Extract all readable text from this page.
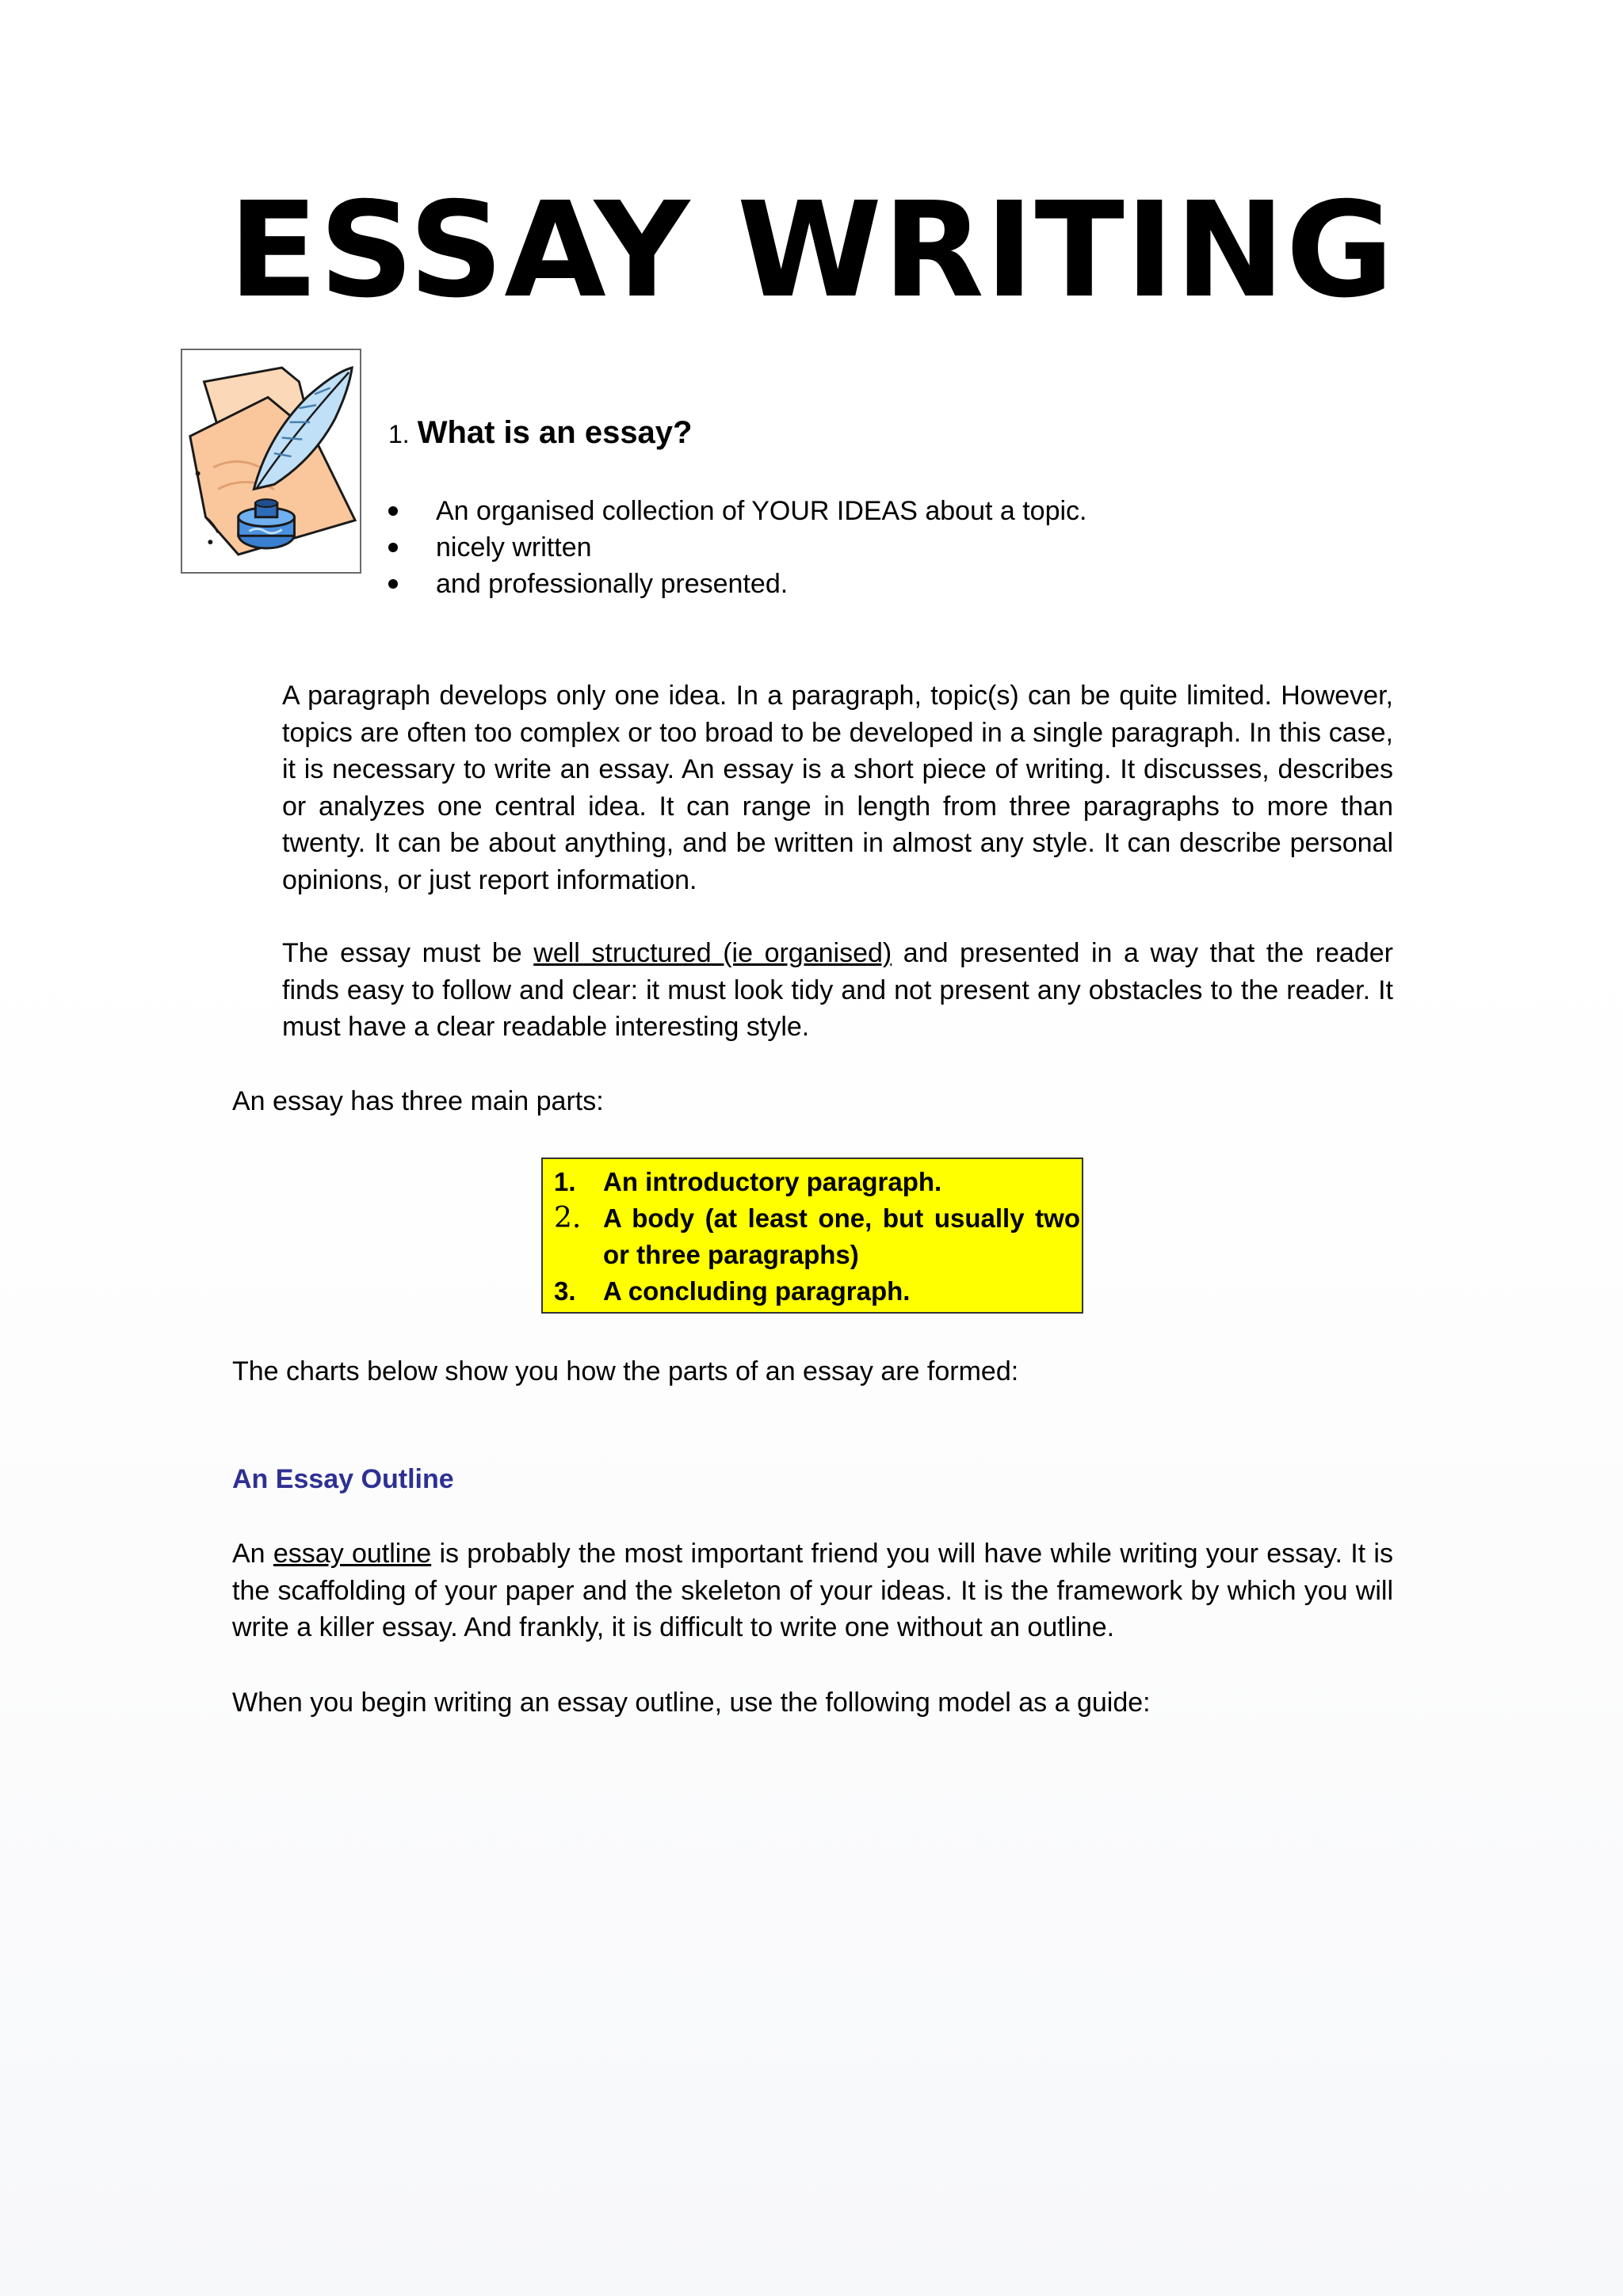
ESSAY WRITING
1. What is an essay?
An organised collection of YOUR IDEAS about a topic.
nicely written
and professionally presented.

A paragraph develops only one idea. In a paragraph, topic(s) can be quite limited. However, topics are often too complex or too broad to be developed in a single paragraph. In this case, it is necessary to write an essay. An essay is a short piece of writing. It discusses, describes or analyzes one central idea. It can range in length from three paragraphs to more than twenty. It can be about anything, and be written in almost any style. It can describe personal opinions, or just report information.

The essay must be well structured (ie organised) and presented in a way that the reader finds easy to follow and clear: it must look tidy and not present any obstacles to the reader. It must have a clear readable interesting style.

An essay has three main parts:
1. An introductory paragraph.
2. A body (at least one, but usually two or three paragraphs)
3. A concluding paragraph.
The charts below show you how the parts of an essay are formed:
An Essay Outline

An essay outline is probably the most important friend you will have while writing your essay. It is the scaffolding of your paper and the skeleton of your ideas. It is the framework by which you will write a killer essay. And frankly, it is difficult to write one without an outline.

When you begin writing an essay outline, use the following model as a guide:
